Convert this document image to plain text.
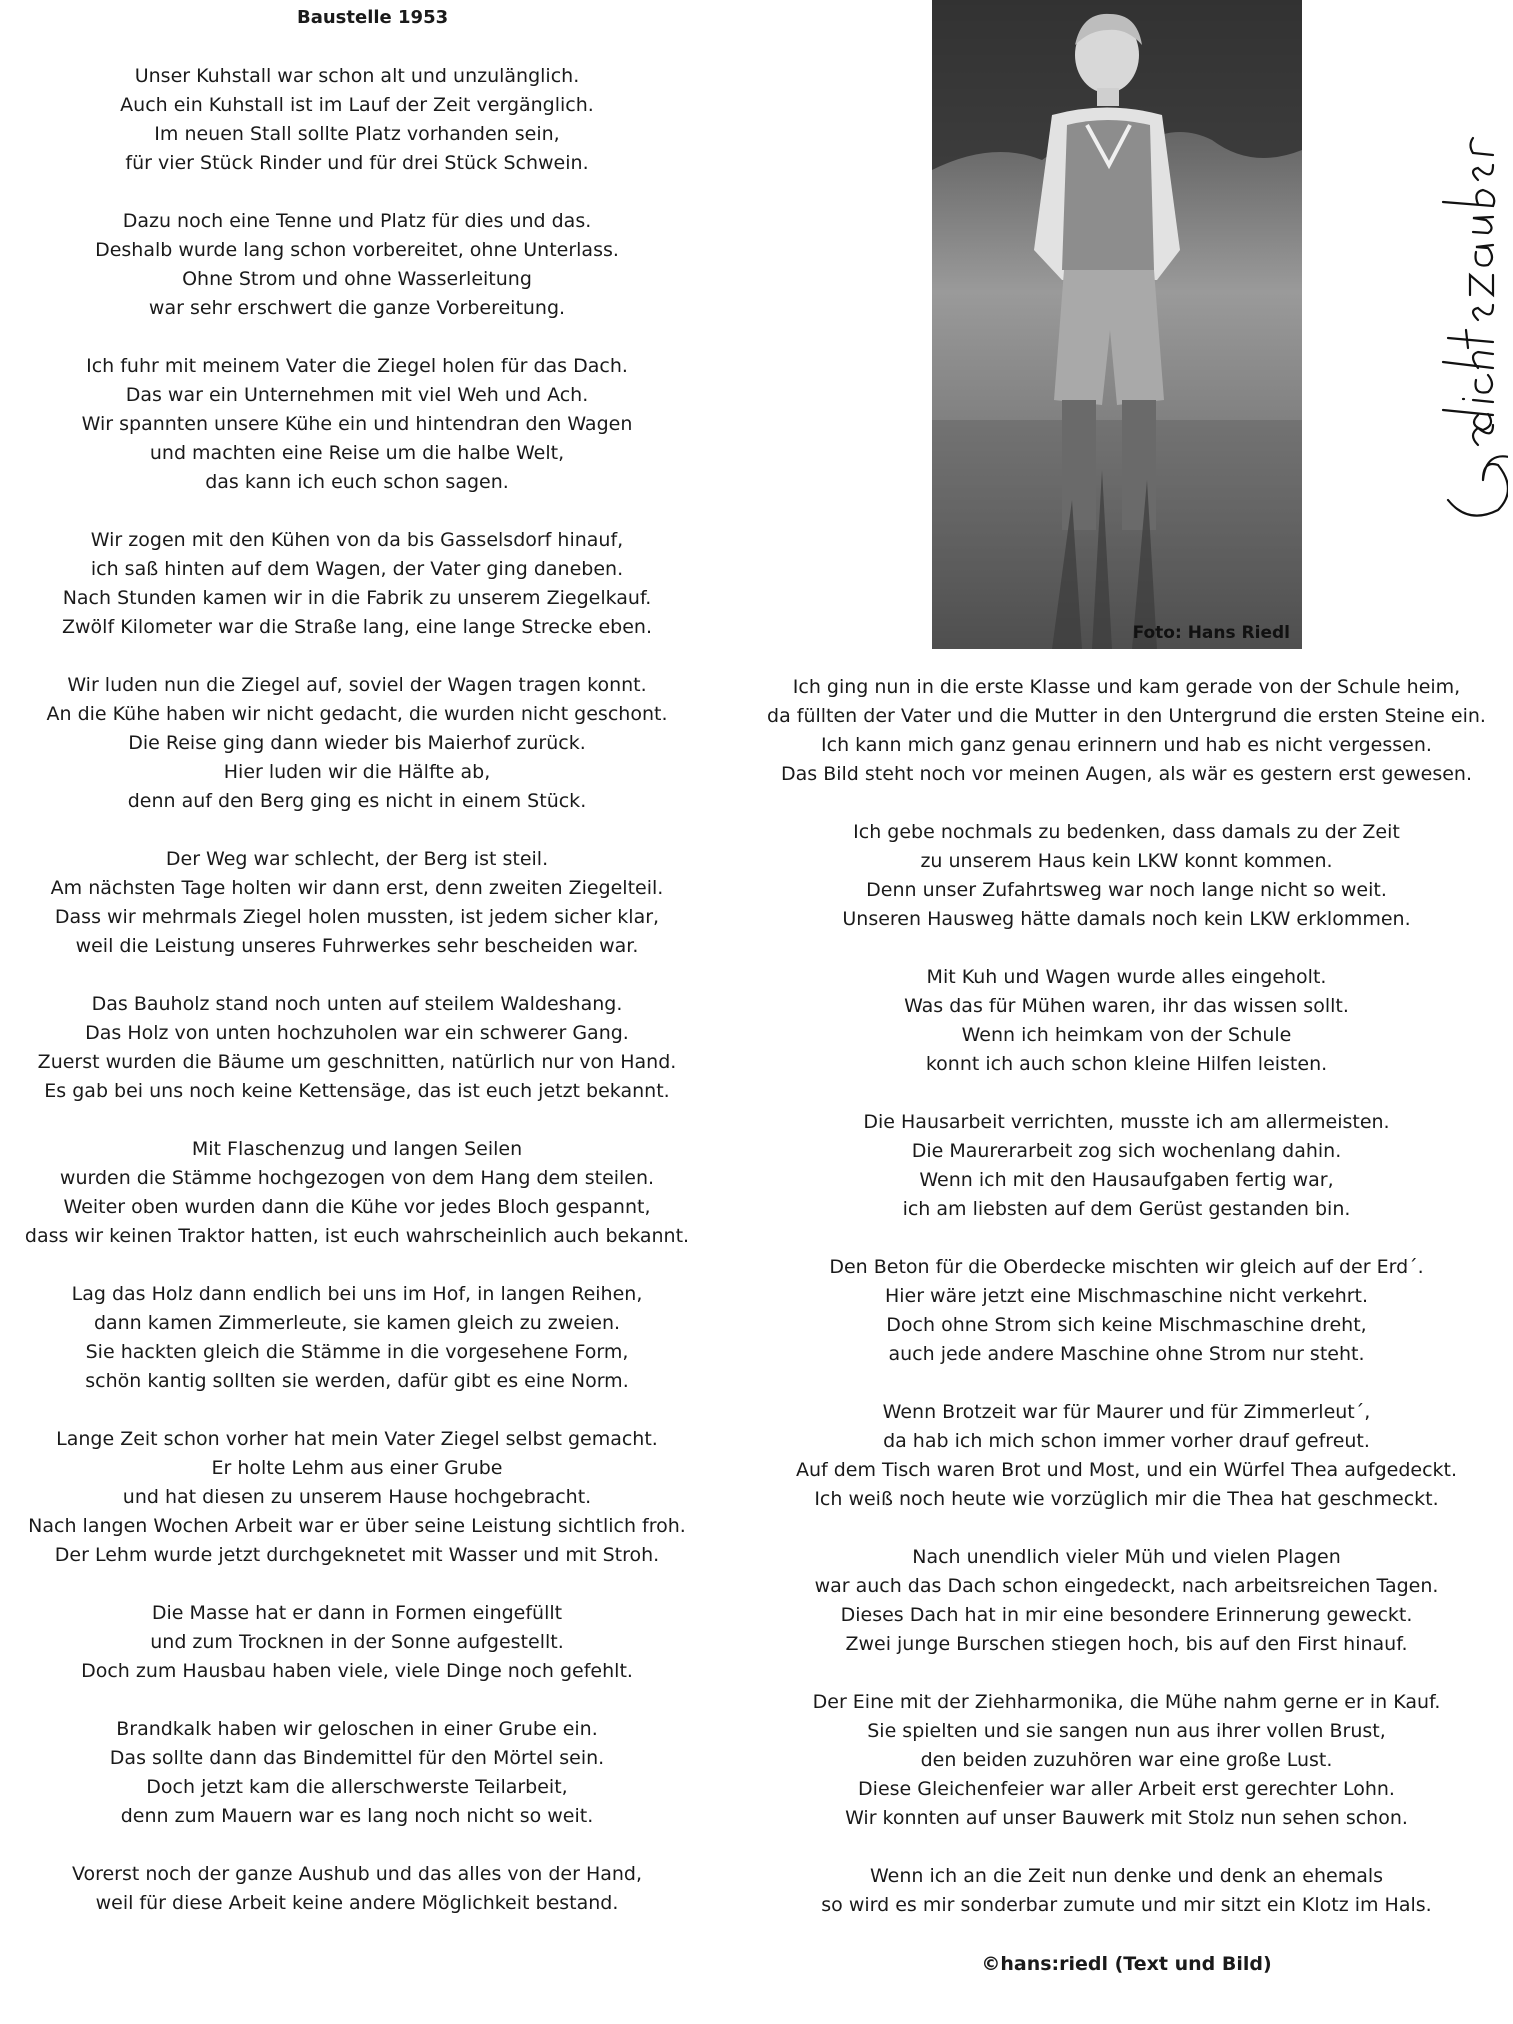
Baustelle 1953
Unser Kuhstall war schon alt und unzulänglich.
Auch ein Kuhstall ist im Lauf der Zeit vergänglich.
Im neuen Stall sollte Platz vorhanden sein,
für vier Stück Rinder und für drei Stück Schwein.
Dazu noch eine Tenne und Platz für dies und das.
Deshalb wurde lang schon vorbereitet, ohne Unterlass.
Ohne Strom und ohne Wasserleitung
war sehr erschwert die ganze Vorbereitung.
Ich fuhr mit meinem Vater die Ziegel holen für das Dach.
Das war ein Unternehmen mit viel Weh und Ach.
Wir spannten unsere Kühe ein und hintendran den Wagen
und machten eine Reise um die halbe Welt,
das kann ich euch schon sagen.
Wir zogen mit den Kühen von da bis Gasselsdorf hinauf,
ich saß hinten auf dem Wagen, der Vater ging daneben.
Nach Stunden kamen wir in die Fabrik zu unserem Ziegelkauf.
Zwölf Kilometer war die Straße lang, eine lange Strecke eben.
Wir luden nun die Ziegel auf, soviel der Wagen tragen konnt.
An die Kühe haben wir nicht gedacht, die wurden nicht geschont.
Die Reise ging dann wieder bis Maierhof zurück.
Hier luden wir die Hälfte ab,
denn auf den Berg ging es nicht in einem Stück.
Der Weg war schlecht, der Berg ist steil.
Am nächsten Tage holten wir dann erst, denn zweiten Ziegelteil.
Dass wir mehrmals Ziegel holen mussten, ist jedem sicher klar,
weil die Leistung unseres Fuhrwerkes sehr bescheiden war.
Das Bauholz stand noch unten auf steilem Waldeshang.
Das Holz von unten hochzuholen war ein schwerer Gang.
Zuerst wurden die Bäume um geschnitten, natürlich nur von Hand.
Es gab bei uns noch keine Kettensäge, das ist euch jetzt bekannt.
Mit Flaschenzug und langen Seilen
wurden die Stämme hochgezogen von dem Hang dem steilen.
Weiter oben wurden dann die Kühe vor jedes Bloch gespannt,
dass wir keinen Traktor hatten, ist euch wahrscheinlich auch bekannt.
Lag das Holz dann endlich bei uns im Hof, in langen Reihen,
dann kamen Zimmerleute, sie kamen gleich zu zweien.
Sie hackten gleich die Stämme in die vorgesehene Form,
schön kantig sollten sie werden, dafür gibt es eine Norm.
Lange Zeit schon vorher hat mein Vater Ziegel selbst gemacht.
Er holte Lehm aus einer Grube
und hat diesen zu unserem Hause hochgebracht.
Nach langen Wochen Arbeit war er über seine Leistung sichtlich froh.
Der Lehm wurde jetzt durchgeknetet mit Wasser und mit Stroh.
Die Masse hat er dann in Formen eingefüllt
und zum Trocknen in der Sonne aufgestellt.
Doch zum Hausbau haben viele, viele Dinge noch gefehlt.
Brandkalk haben wir geloschen in einer Grube ein.
Das sollte dann das Bindemittel für den Mörtel sein.
Doch jetzt kam die allerschwerste Teilarbeit,
denn zum Mauern war es lang noch nicht so weit.
Vorerst noch der ganze Aushub und das alles von der Hand,
weil für diese Arbeit keine andere Möglichkeit bestand.
Foto: Hans Riedl
Ich ging nun in die erste Klasse und kam gerade von der Schule heim,
da füllten der Vater und die Mutter in den Untergrund die ersten Steine ein.
Ich kann mich ganz genau erinnern und hab es nicht vergessen.
Das Bild steht noch vor meinen Augen, als wär es gestern erst gewesen.
Ich gebe nochmals zu bedenken, dass damals zu der Zeit
zu unserem Haus kein LKW konnt kommen.
Denn unser Zufahrtsweg war noch lange nicht so weit.
Unseren Hausweg hätte damals noch kein LKW erklommen.
Mit Kuh und Wagen wurde alles eingeholt.
Was das für Mühen waren, ihr das wissen sollt.
Wenn ich heimkam von der Schule
konnt ich auch schon kleine Hilfen leisten.
Die Hausarbeit verrichten, musste ich am allermeisten.
Die Maurerarbeit zog sich wochenlang dahin.
Wenn ich mit den Hausaufgaben fertig war,
ich am liebsten auf dem Gerüst gestanden bin.
Den Beton für die Oberdecke mischten wir gleich auf der Erd´.
Hier wäre jetzt eine Mischmaschine nicht verkehrt.
Doch ohne Strom sich keine Mischmaschine dreht,
auch jede andere Maschine ohne Strom nur steht.
Wenn Brotzeit war für Maurer und für Zimmerleut´,
da hab ich mich schon immer vorher drauf gefreut.
Auf dem Tisch waren Brot und Most, und ein Würfel Thea aufgedeckt.
Ich weiß noch heute wie vorzüglich mir die Thea hat geschmeckt.
Nach unendlich vieler Müh und vielen Plagen
war auch das Dach schon eingedeckt, nach arbeitsreichen Tagen.
Dieses Dach hat in mir eine besondere Erinnerung geweckt.
Zwei junge Burschen stiegen hoch, bis auf den First hinauf.
Der Eine mit der Ziehharmonika, die Mühe nahm gerne er in Kauf.
Sie spielten und sie sangen nun aus ihrer vollen Brust,
den beiden zuzuhören war eine große Lust.
Diese Gleichenfeier war aller Arbeit erst gerechter Lohn.
Wir konnten auf unser Bauwerk mit Stolz nun sehen schon.
Wenn ich an die Zeit nun denke und denk an ehemals
so wird es mir sonderbar zumute und mir sitzt ein Klotz im Hals.
©hans:riedl (Text und Bild)
